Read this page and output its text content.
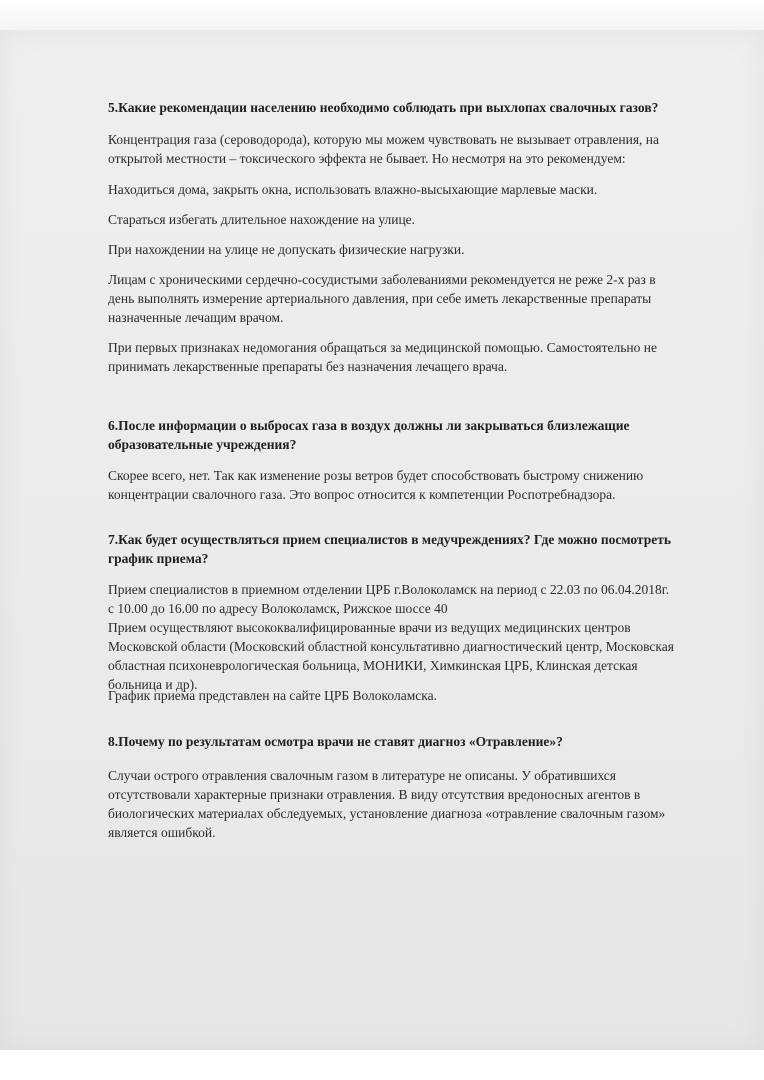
5.Какие рекомендации населению необходимо соблюдать при выхлопах свалочных газов?

Концентрация газа (сероводорода), которую мы можем чувствовать не вызывает отравления, на

открытой местности – токсического эффекта не бывает. Но несмотря на это рекомендуем:

Находиться дома, закрыть окна, использовать влажно-высыхающие марлевые маски.

Стараться избегать длительное нахождение на улице.

При нахождении на улице не допускать физические нагрузки.

Лицам с хроническими сердечно-сосудистыми заболеваниями рекомендуется не реже 2-х раз в

день выполнять измерение артериального давления, при себе иметь лекарственные препараты

назначенные лечащим врачом.

При первых признаках недомогания обращаться за медицинской помощью. Самостоятельно не

принимать лекарственные препараты без назначения лечащего врача.

6.После информации о выбросах газа в воздух должны ли закрываться близлежащие

образовательные учреждения?

Скорее всего, нет. Так как изменение розы ветров будет способствовать быстрому снижению

концентрации свалочного газа. Это вопрос относится к компетенции Роспотребнадзора.

7.Как будет осуществляться прием специалистов в медучреждениях? Где можно посмотреть

график приема?

Прием специалистов в приемном отделении ЦРБ г.Волоколамск на период с 22.03 по 06.04.2018г.

с 10.00 до 16.00 по адресу Волоколамск, Рижское шоссе 40

Прием осуществляют высококвалифицированные врачи из ведущих медицинских центров

Московской области (Московский областной консультативно диагностический центр, Московская

областная психоневрологическая больница, МОНИКИ, Химкинская ЦРБ, Клинская детская

больница и др).

График приема представлен на сайте ЦРБ Волоколамска.

8.Почему по результатам осмотра врачи не ставят диагноз «Отравление»?

Случаи острого отравления свалочным газом в литературе не описаны. У обратившихся

отсутствовали характерные признаки отравления. В виду отсутствия вредоносных агентов в

биологических материалах обследуемых, установление диагноза «отравление свалочным газом»

является ошибкой.
